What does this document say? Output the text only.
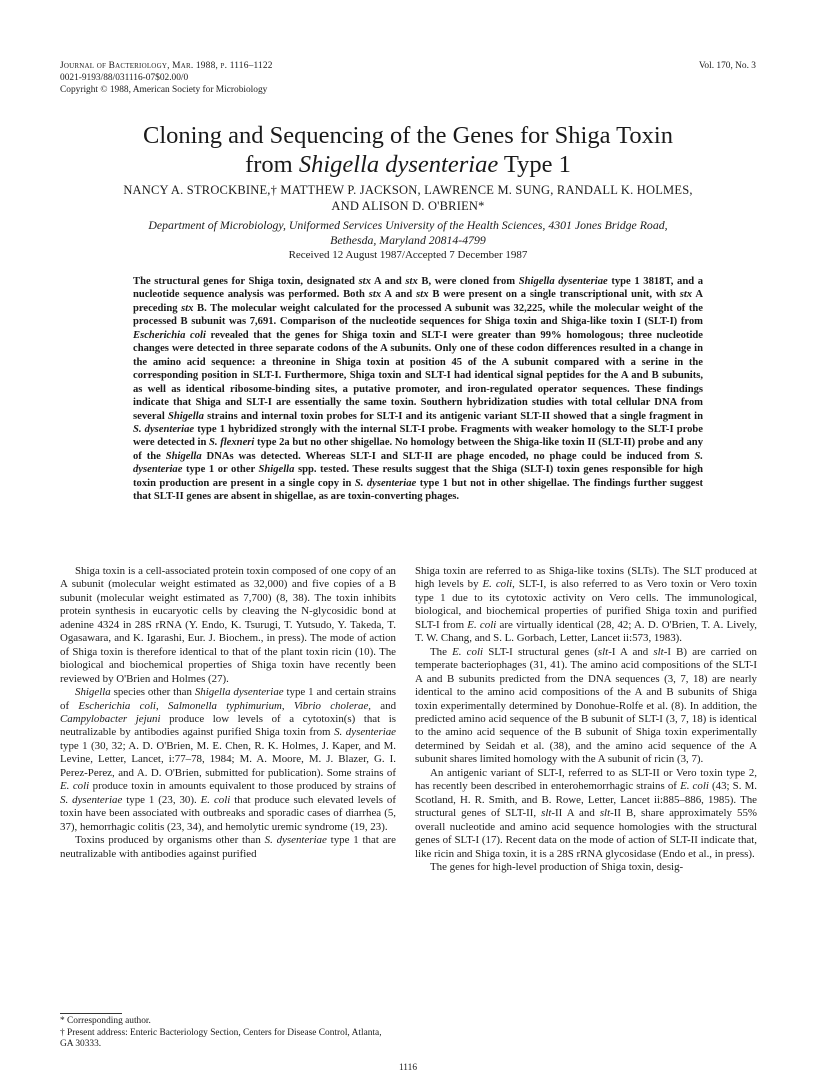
Journal of Bacteriology, Mar. 1988, p. 1116–1122
0021-9193/88/031116-07$02.00/0
Copyright © 1988, American Society for Microbiology
Vol. 170, No. 3
Cloning and Sequencing of the Genes for Shiga Toxin
from Shigella dysenteriae Type 1
NANCY A. STROCKBINE,† MATTHEW P. JACKSON, LAWRENCE M. SUNG, RANDALL K. HOLMES,
AND ALISON D. O'BRIEN*
Department of Microbiology, Uniformed Services University of the Health Sciences, 4301 Jones Bridge Road,
Bethesda, Maryland 20814-4799
Received 12 August 1987/Accepted 7 December 1987

The structural genes for Shiga toxin, designated stx A and stx B, were cloned from Shigella dysenteriae type 1 3818T, and a nucleotide sequence analysis was performed. Both stx A and stx B were present on a single transcriptional unit, with stx A preceding stx B. The molecular weight calculated for the processed A subunit was 32,225, while the molecular weight of the processed B subunit was 7,691. Comparison of the nucleotide sequences for Shiga toxin and Shiga-like toxin I (SLT-I) from Escherichia coli revealed that the genes for Shiga toxin and SLT-I were greater than 99% homologous; three nucleotide changes were detected in three separate codons of the A subunits. Only one of these codon differences resulted in a change in the amino acid sequence: a threonine in Shiga toxin at position 45 of the A subunit compared with a serine in the corresponding position in SLT-I. Furthermore, Shiga toxin and SLT-I had identical signal peptides for the A and B subunits, as well as identical ribosome-binding sites, a putative promoter, and iron-regulated operator sequences. These findings indicate that Shiga and SLT-I are essentially the same toxin. Southern hybridization studies with total cellular DNA from several Shigella strains and internal toxin probes for SLT-I and its antigenic variant SLT-II showed that a single fragment in S. dysenteriae type 1 hybridized strongly with the internal SLT-I probe. Fragments with weaker homology to the SLT-I probe were detected in S. flexneri type 2a but no other shigellae. No homology between the Shiga-like toxin II (SLT-II) probe and any of the Shigella DNAs was detected. Whereas SLT-I and SLT-II are phage encoded, no phage could be induced from S. dysenteriae type 1 or other Shigella spp. tested. These results suggest that the Shiga (SLT-I) toxin genes responsible for high toxin production are present in a single copy in S. dysenteriae type 1 but not in other shigellae. The findings further suggest that SLT-II genes are absent in shigellae, as are toxin-converting phages.

Shiga toxin is a cell-associated protein toxin composed of one copy of an A subunit (molecular weight estimated as 32,000) and five copies of a B subunit (molecular weight estimated as 7,700) (8, 38). The toxin inhibits protein synthesis in eucaryotic cells by cleaving the N-glycosidic bond at adenine 4324 in 28S rRNA (Y. Endo, K. Tsurugi, T. Yutsudo, Y. Takeda, T. Ogasawara, and K. Igarashi, Eur. J. Biochem., in press). The mode of action of Shiga toxin is therefore identical to that of the plant toxin ricin (10). The biological and biochemical properties of Shiga toxin have recently been reviewed by O'Brien and Holmes (27).

Shigella species other than Shigella dysenteriae type 1 and certain strains of Escherichia coli, Salmonella typhimurium, Vibrio cholerae, and Campylobacter jejuni produce low levels of a cytotoxin(s) that is neutralizable by antibodies against purified Shiga toxin from S. dysenteriae type 1 (30, 32; A. D. O'Brien, M. E. Chen, R. K. Holmes, J. Kaper, and M. Levine, Letter, Lancet, i:77–78, 1984; M. A. Moore, M. J. Blazer, G. I. Perez-Perez, and A. D. O'Brien, submitted for publication). Some strains of E. coli produce toxin in amounts equivalent to those produced by strains of S. dysenteriae type 1 (23, 30). E. coli that produce such elevated levels of toxin have been associated with outbreaks and sporadic cases of diarrhea (5, 37), hemorrhagic colitis (23, 34), and hemolytic uremic syndrome (19, 23).

Toxins produced by organisms other than S. dysenteriae type 1 that are neutralizable with antibodies against purified

Shiga toxin are referred to as Shiga-like toxins (SLTs). The SLT produced at high levels by E. coli, SLT-I, is also referred to as Vero toxin or Vero toxin type 1 due to its cytotoxic activity on Vero cells. The immunological, biological, and biochemical properties of purified Shiga toxin and purified SLT-I from E. coli are virtually identical (28, 42; A. D. O'Brien, T. A. Lively, T. W. Chang, and S. L. Gorbach, Letter, Lancet ii:573, 1983).

The E. coli SLT-I structural genes (slt-I A and slt-I B) are carried on temperate bacteriophages (31, 41). The amino acid compositions of the SLT-I A and B subunits predicted from the DNA sequences (3, 7, 18) are nearly identical to the amino acid compositions of the A and B subunits of Shiga toxin experimentally determined by Donohue-Rolfe et al. (8). In addition, the predicted amino acid sequence of the B subunit of SLT-I (3, 7, 18) is identical to the amino acid sequence of the B subunit of Shiga toxin experimentally determined by Seidah et al. (38), and the amino acid sequence of the A subunit shares limited homology with the A subunit of ricin (3, 7).

An antigenic variant of SLT-I, referred to as SLT-II or Vero toxin type 2, has recently been described in enterohemorrhagic strains of E. coli (43; S. M. Scotland, H. R. Smith, and B. Rowe, Letter, Lancet ii:885–886, 1985). The structural genes of SLT-II, slt-II A and slt-II B, share approximately 55% overall nucleotide and amino acid sequence homologies with the structural genes of SLT-I (17). Recent data on the mode of action of SLT-II indicate that, like ricin and Shiga toxin, it is a 28S rRNA glycosidase (Endo et al., in press).

The genes for high-level production of Shiga toxin, desig-

* Corresponding author.
† Present address: Enteric Bacteriology Section, Centers for Disease Control, Atlanta, GA 30333.
1116
